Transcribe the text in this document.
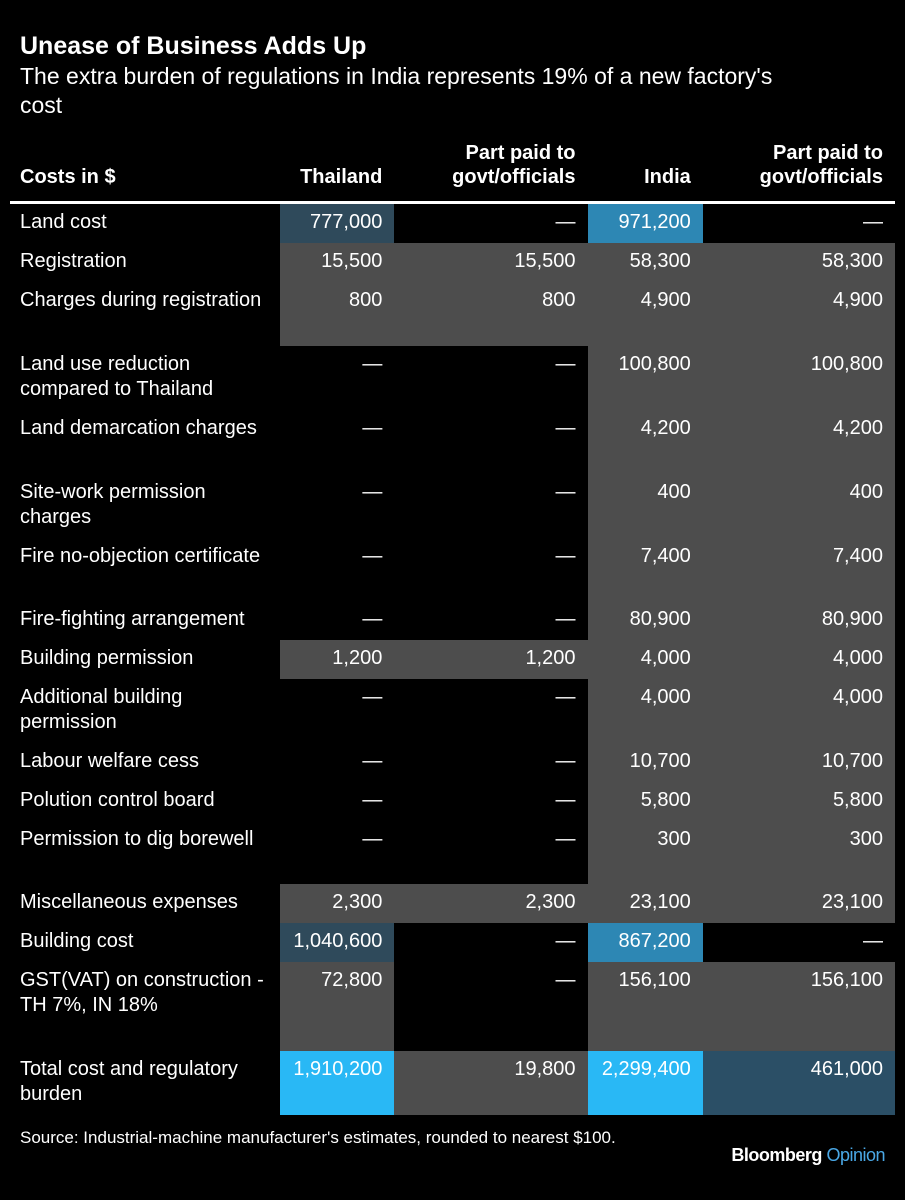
Unease of Business Adds Up

The extra burden of regulations in India represents 19% of a new factory's cost

Costs in $	Thailand	Part paid to govt/officials	India	Part paid to govt/officials
Land cost	777,000	—	971,200	—
Registration	15,500	15,500	58,300	58,300
Charges during registration	800	800	4,900	4,900
Land use reduction compared to Thailand	—	—	100,800	100,800
Land demarcation charges	—	—	4,200	4,200
Site-work permission charges	—	—	400	400
Fire no-objection certificate	—	—	7,400	7,400
Fire-fighting arrangement	—	—	80,900	80,900
Building permission	1,200	1,200	4,000	4,000
Additional building permission	—	—	4,000	4,000
Labour welfare cess	—	—	10,700	10,700
Polution control board	—	—	5,800	5,800
Permission to dig borewell	—	—	300	300
Miscellaneous expenses	2,300	2,300	23,100	23,100
Building cost	1,040,600	—	867,200	—
GST(VAT) on construction - TH 7%, IN 18%	72,800	—	156,100	156,100
Total cost and regulatory burden	1,910,200	19,800	2,299,400	461,000

Source: Industrial-machine manufacturer's estimates, rounded to nearest $100.

Bloomberg Opinion
